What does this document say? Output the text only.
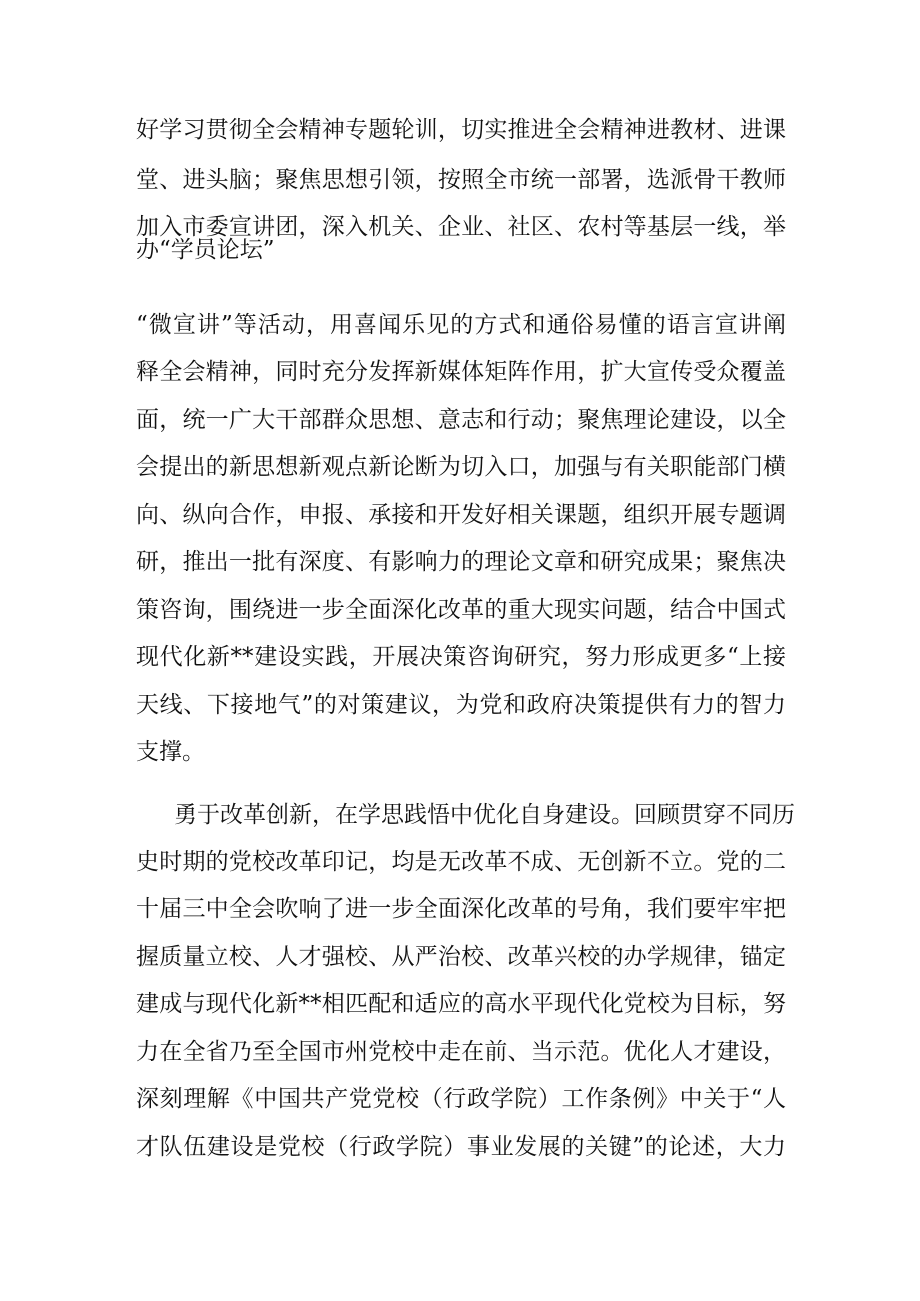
好学习贯彻全会精神专题轮训，切实推进全会精神进教材、进课

堂、进头脑；聚焦思想引领，按照全市统一部署，选派骨干教师

加入市委宣讲团，深入机关、企业、社区、农村等基层一线，举

办“学员论坛”

“微宣讲”等活动，用喜闻乐见的方式和通俗易懂的语言宣讲阐

释全会精神，同时充分发挥新媒体矩阵作用，扩大宣传受众覆盖

面，统一广大干部群众思想、意志和行动；聚焦理论建设，以全

会提出的新思想新观点新论断为切入口，加强与有关职能部门横

向、纵向合作，申报、承接和开发好相关课题，组织开展专题调

研，推出一批有深度、有影响力的理论文章和研究成果；聚焦决

策咨询，围绕进一步全面深化改革的重大现实问题，结合中国式

现代化新**建设实践，开展决策咨询研究，努力形成更多“上接

天线、下接地气”的对策建议，为党和政府决策提供有力的智力

支撑。

勇于改革创新，在学思践悟中优化自身建设。回顾贯穿不同历

史时期的党校改革印记，均是无改革不成、无创新不立。党的二

十届三中全会吹响了进一步全面深化改革的号角，我们要牢牢把

握质量立校、人才强校、从严治校、改革兴校的办学规律，锚定

建成与现代化新**相匹配和适应的高水平现代化党校为目标，努

力在全省乃至全国市州党校中走在前、当示范。优化人才建设，

深刻理解《中国共产党党校（行政学院）工作条例》中关于“人

才队伍建设是党校（行政学院）事业发展的关键”的论述，大力
